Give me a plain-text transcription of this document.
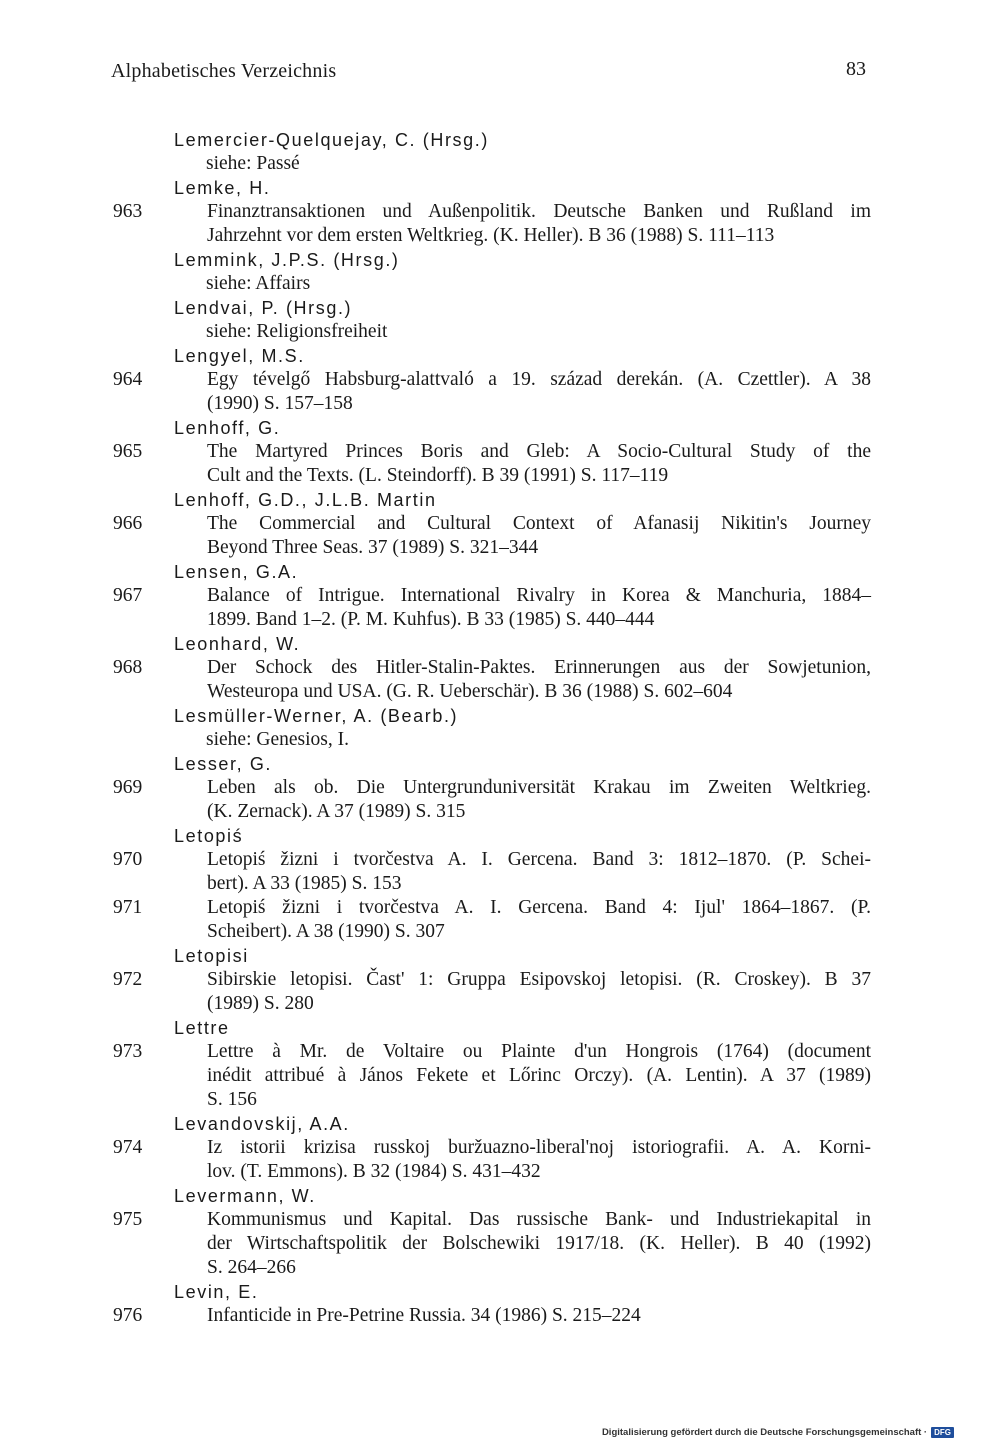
Alphabetisches Verzeichnis	83
Lemercier-Quelquejay, C. (Hrsg.)
siehe: Passé
Lemke, H.
963	Finanztransaktionen und Außenpolitik. Deutsche Banken und Rußland im
Jahrzehnt vor dem ersten Weltkrieg. (K. Heller). B 36 (1988) S. 111–113
Lemmink, J.P.S. (Hrsg.)
siehe: Affairs
Lendvai, P. (Hrsg.)
siehe: Religionsfreiheit
Lengyel, M.S.
964	Egy tévelgő Habsburg-alattvaló a 19. század derekán. (A. Czettler). A 38
(1990) S. 157–158
Lenhoff, G.
965	The Martyred Princes Boris and Gleb: A Socio-Cultural Study of the
Cult and the Texts. (L. Steindorff). B 39 (1991) S. 117–119
Lenhoff, G.D., J.L.B. Martin
966	The Commercial and Cultural Context of Afanasij Nikitin's Journey
Beyond Three Seas. 37 (1989) S. 321–344
Lensen, G.A.
967	Balance of Intrigue. International Rivalry in Korea & Manchuria, 1884–
1899. Band 1–2. (P. M. Kuhfus). B 33 (1985) S. 440–444
Leonhard, W.
968	Der Schock des Hitler-Stalin-Paktes. Erinnerungen aus der Sowjetunion,
Westeuropa und USA. (G. R. Ueberschär). B 36 (1988) S. 602–604
Lesmüller-Werner, A. (Bearb.)
siehe: Genesios, I.
Lesser, G.
969	Leben als ob. Die Untergrunduniversität Krakau im Zweiten Weltkrieg.
(K. Zernack). A 37 (1989) S. 315
Letopiś
970	Letopiś žizni i tvorčestva A. I. Gercena. Band 3: 1812–1870. (P. Schei-
bert). A 33 (1985) S. 153
971	Letopiś žizni i tvorčestva A. I. Gercena. Band 4: Ijul' 1864–1867. (P.
Scheibert). A 38 (1990) S. 307
Letopisi
972	Sibirskie letopisi. Čast' 1: Gruppa Esipovskoj letopisi. (R. Croskey). B 37
(1989) S. 280
Lettre
973	Lettre à Mr. de Voltaire ou Plainte d'un Hongrois (1764) (document
inédit attribué à János Fekete et Lőrinc Orczy). (A. Lentin). A 37 (1989)
S. 156
Levandovskij, A.A.
974	Iz istorii krizisa russkoj buržuazno-liberal'noj istoriografii. A. A. Korni-
lov. (T. Emmons). B 32 (1984) S. 431–432
Levermann, W.
975	Kommunismus und Kapital. Das russische Bank- und Industriekapital in
der Wirtschaftspolitik der Bolschewiki 1917/18. (K. Heller). B 40 (1992)
S. 264–266
Levin, E.
976	Infanticide in Pre-Petrine Russia. 34 (1986) S. 215–224
Digitalisierung gefördert durch die Deutsche Forschungsgemeinschaft · DFG
